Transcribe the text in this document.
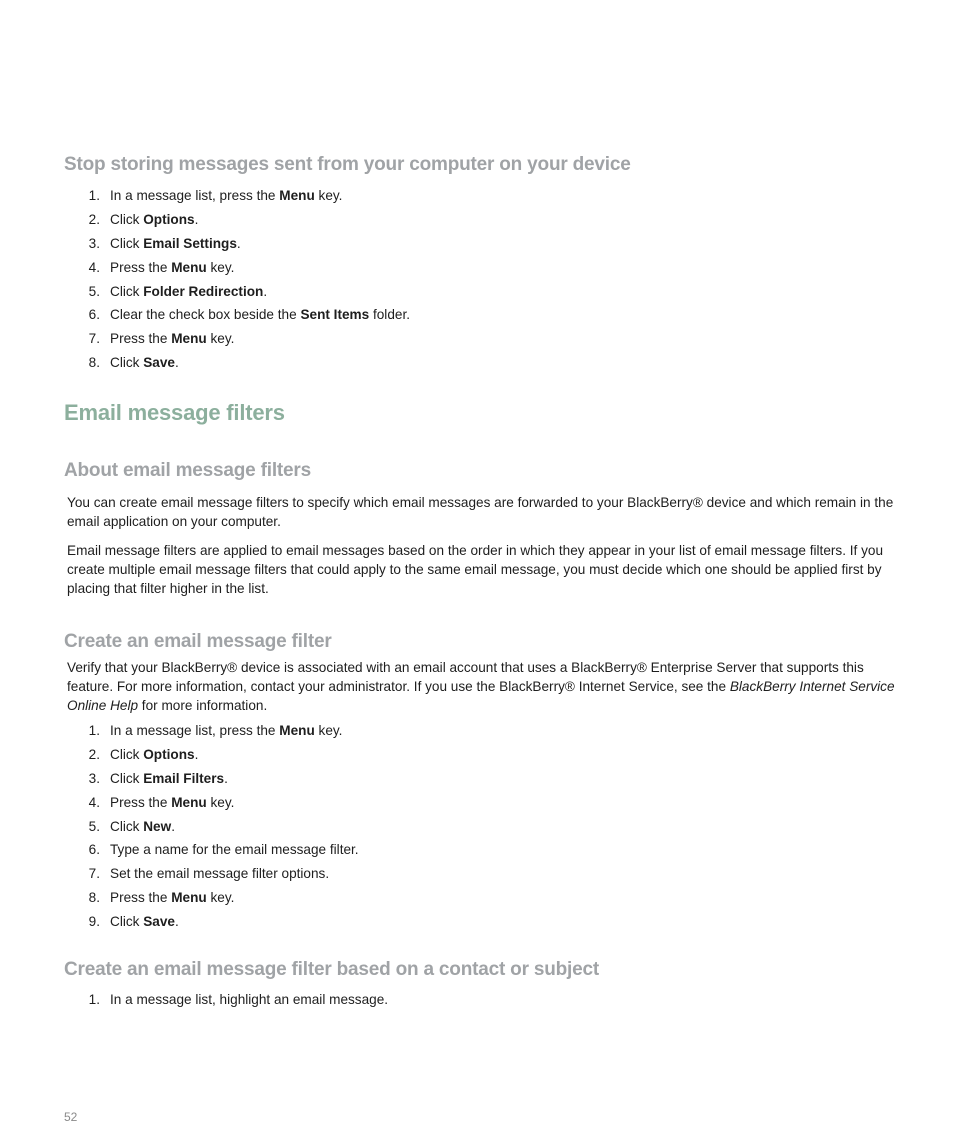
Stop storing messages sent from your computer on your device
1. In a message list, press the Menu key.
2. Click Options.
3. Click Email Settings.
4. Press the Menu key.
5. Click Folder Redirection.
6. Clear the check box beside the Sent Items folder.
7. Press the Menu key.
8. Click Save.
Email message filters
About email message filters

You can create email message filters to specify which email messages are forwarded to your BlackBerry® device and which remain in the email application on your computer.

Email message filters are applied to email messages based on the order in which they appear in your list of email message filters. If you create multiple email message filters that could apply to the same email message, you must decide which one should be applied first by placing that filter higher in the list.

Create an email message filter

Verify that your BlackBerry® device is associated with an email account that uses a BlackBerry® Enterprise Server that supports this feature. For more information, contact your administrator. If you use the BlackBerry® Internet Service, see the BlackBerry Internet Service Online Help for more information.

1. In a message list, press the Menu key.
2. Click Options.
3. Click Email Filters.
4. Press the Menu key.
5. Click New.
6. Type a name for the email message filter.
7. Set the email message filter options.
8. Press the Menu key.
9. Click Save.
Create an email message filter based on a contact or subject
1. In a message list, highlight an email message.
52
